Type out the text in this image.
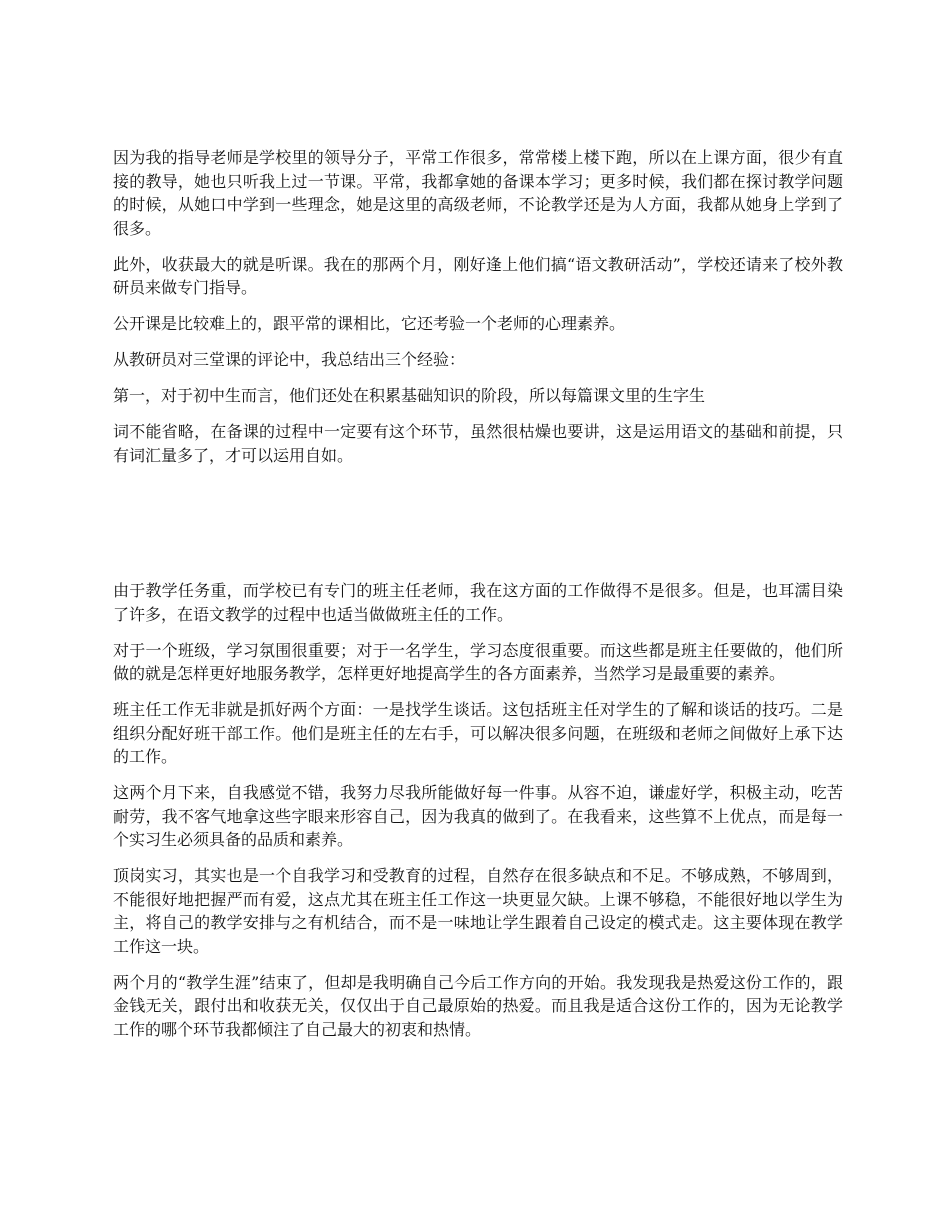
因为我的指导老师是学校里的领导分子，平常工作很多，常常楼上楼下跑，所以在上课方面，很少有直接的教导，她也只听我上过一节课。平常，我都拿她的备课本学习；更多时候，我们都在探讨教学问题的时候，从她口中学到一些理念，她是这里的高级老师，不论教学还是为人方面，我都从她身上学到了很多。

此外，收获最大的就是听课。我在的那两个月，刚好逢上他们搞“语文教研活动”，学校还请来了校外教研员来做专门指导。

公开课是比较难上的，跟平常的课相比，它还考验一个老师的心理素养。

从教研员对三堂课的评论中，我总结出三个经验：

第一，对于初中生而言，他们还处在积累基础知识的阶段，所以每篇课文里的生字生

词不能省略，在备课的过程中一定要有这个环节，虽然很枯燥也要讲，这是运用语文的基础和前提，只有词汇量多了，才可以运用自如。

由于教学任务重，而学校已有专门的班主任老师，我在这方面的工作做得不是很多。但是，也耳濡目染了许多，在语文教学的过程中也适当做做班主任的工作。

对于一个班级，学习氛围很重要；对于一名学生，学习态度很重要。而这些都是班主任要做的，他们所做的就是怎样更好地服务教学，怎样更好地提高学生的各方面素养，当然学习是最重要的素养。

班主任工作无非就是抓好两个方面：一是找学生谈话。这包括班主任对学生的了解和谈话的技巧。二是组织分配好班干部工作。他们是班主任的左右手，可以解决很多问题，在班级和老师之间做好上承下达的工作。

这两个月下来，自我感觉不错，我努力尽我所能做好每一件事。从容不迫，谦虚好学，积极主动，吃苦耐劳，我不客气地拿这些字眼来形容自己，因为我真的做到了。在我看来，这些算不上优点，而是每一个实习生必须具备的品质和素养。

顶岗实习，其实也是一个自我学习和受教育的过程，自然存在很多缺点和不足。不够成熟，不够周到，不能很好地把握严而有爱，这点尤其在班主任工作这一块更显欠缺。上课不够稳，不能很好地以学生为主，将自己的教学安排与之有机结合，而不是一味地让学生跟着自己设定的模式走。这主要体现在教学工作这一块。

两个月的“教学生涯”结束了，但却是我明确自己今后工作方向的开始。我发现我是热爱这份工作的，跟金钱无关，跟付出和收获无关，仅仅出于自己最原始的热爱。而且我是适合这份工作的，因为无论教学工作的哪个环节我都倾注了自己最大的初衷和热情。
